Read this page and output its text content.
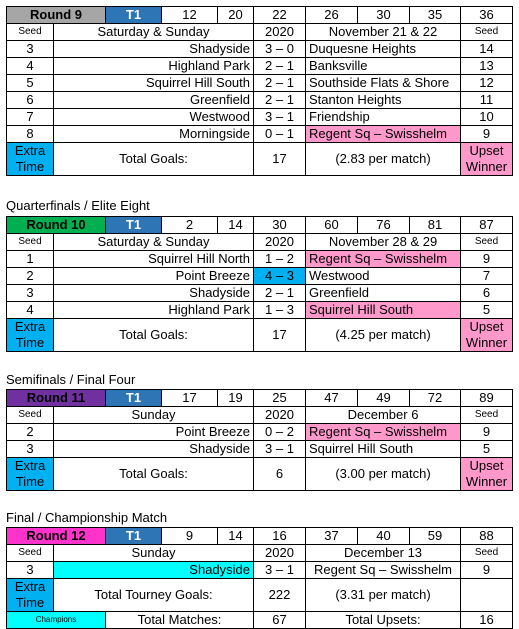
Round 9		T1	12	20	22	26	30	35	36
Seed	Saturday & Sunday				2020	November 21 & 22			Seed
3	Shadyside				3 – 0	Duquesne Heights			14
4	Highland Park				2 – 1	Banksville			13
5	Squirrel Hill South				2 – 1	Southside Flats & Shore			12
6	Greenfield				2 – 1	Stanton Heights			11
7	Westwood				3 – 1	Friendship			10
8	Morningside				0 – 1	Regent Sq – Swisshelm			9
Extra Time	Total Goals:				17	(2.83 per match)			Upset Winner
Quarterfinals / Elite Eight
Round 10		T1	2	14	30	60	76	81	87
Seed	Saturday & Sunday				2020	November 28 & 29			Seed
1	Squirrel Hill North				1 – 2	Regent Sq – Swisshelm			9
2	Point Breeze				4 – 3	Westwood			7
3	Shadyside				2 – 1	Greenfield			6
4	Highland Park				1 – 3	Squirrel Hill South			5
Extra Time	Total Goals:				17	(4.25 per match)			Upset Winner
Semifinals / Final Four
Round 11		T1	17	19	25	47	49	72	89
Seed	Sunday				2020	December 6			Seed
2	Point Breeze				0 – 2	Regent Sq – Swisshelm			9
3	Shadyside				3 – 1	Squirrel Hill South			5
Extra Time	Total Goals:				6	(3.00 per match)			Upset Winner
Final / Championship Match
Round 12		T1	9	14	16	37	40	59	88
Seed	Sunday				2020	December 13			Seed
3	Shadyside				3 – 1	Regent Sq – Swisshelm			9
Extra Time	Total Tourney Goals:				222	(3.31 per match)			
Champions		Total Matches:			67	Total Upsets:			16
